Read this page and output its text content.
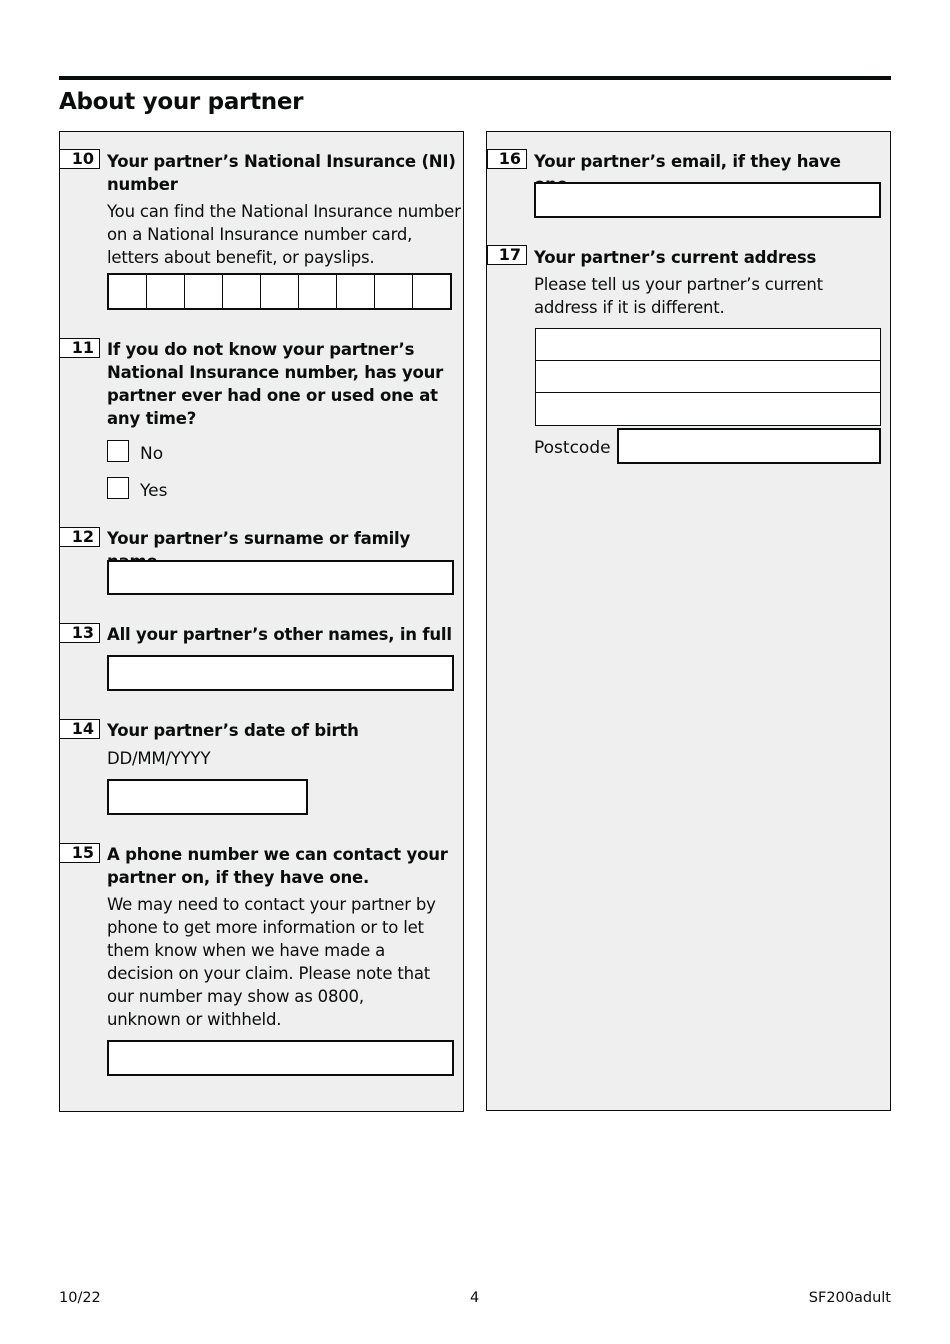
About your partner
10 Your partner’s National Insurance (NI) number

You can find the National Insurance number on a National Insurance number card, letters about benefit, or payslips.

11 If you do not know your partner’s National Insurance number, has your partner ever had one or used one at any time?

No
Yes
12 Your partner’s surname or family

13 All your partner’s other names, in full

14 Your partner’s date of birth

DD/MM/YYYY

15 A phone number we can contact your partner on, if they have one.

We may need to contact your partner by phone to get more information or to let them know when we have made a decision on your claim. Please note that our number may show as 0800, unknown or withheld.

16 Your partner’s email, if they have

17 Your partner’s current address

Please tell us your partner’s current address if it is different.

Postcode
10/22	4	SF200adult
